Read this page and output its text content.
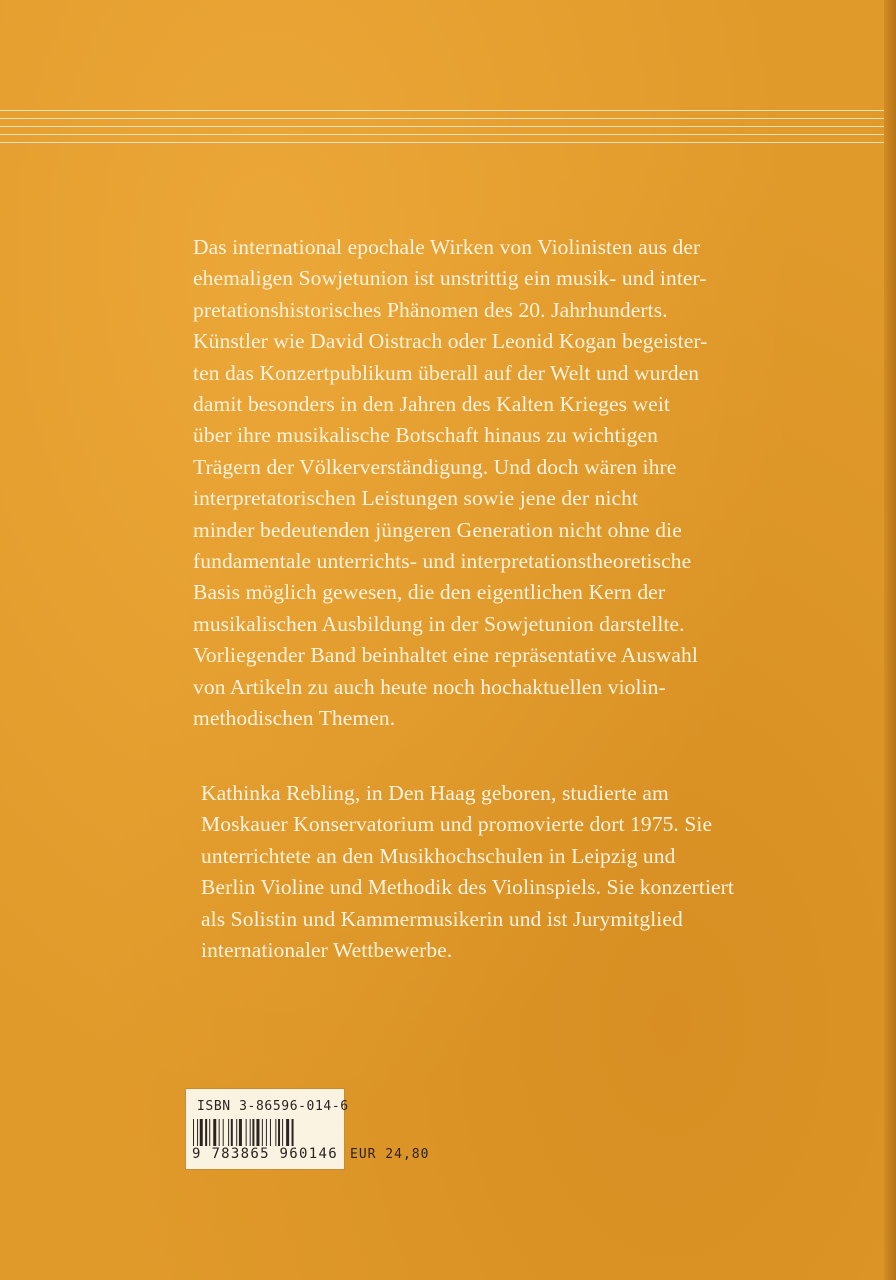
Das international epochale Wirken von Violinisten aus der
ehemaligen Sowjetunion ist unstrittig ein musik- und inter-
pretationshistorisches Phänomen des 20. Jahrhunderts.
Künstler wie David Oistrach oder Leonid Kogan begeister-
ten das Konzertpublikum überall auf der Welt und wurden
damit besonders in den Jahren des Kalten Krieges weit
über ihre musikalische Botschaft hinaus zu wichtigen
Trägern der Völkerverständigung. Und doch wären ihre
interpretatorischen Leistungen sowie jene der nicht
minder bedeutenden jüngeren Generation nicht ohne die
fundamentale unterrichts- und interpretationstheoretische
Basis möglich gewesen, die den eigentlichen Kern der
musikalischen Ausbildung in der Sowjetunion darstellte.
Vorliegender Band beinhaltet eine repräsentative Auswahl
von Artikeln zu auch heute noch hochaktuellen violin-
methodischen Themen.
Kathinka Rebling, in Den Haag geboren, studierte am
Moskauer Konservatorium und promovierte dort 1975. Sie
unterrichtete an den Musikhochschulen in Leipzig und
Berlin Violine und Methodik des Violinspiels. Sie konzertiert
als Solistin und Kammermusikerin und ist Jurymitglied
internationaler Wettbewerbe.
ISBN 3-86596-014-6
9 783865 960146 EUR 24,80
